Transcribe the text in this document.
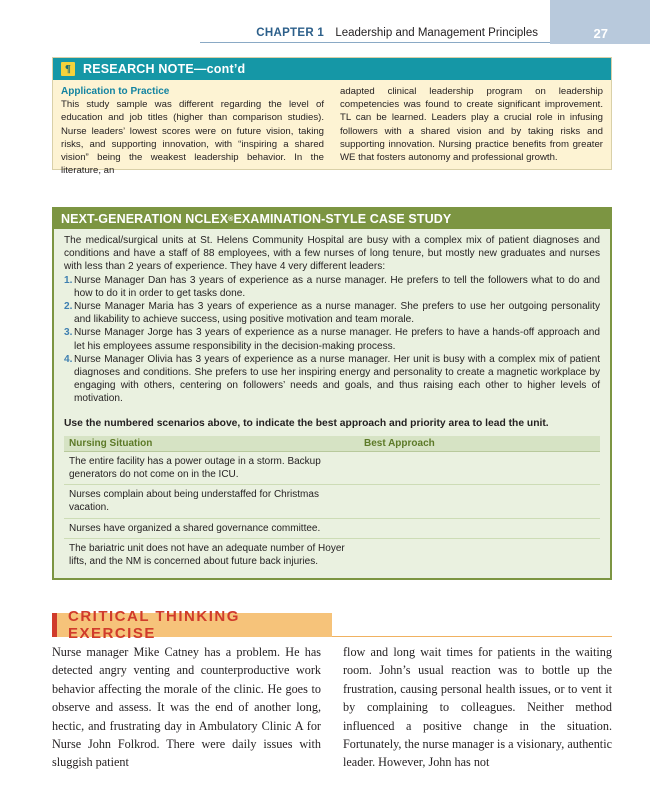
CHAPTER 1 Leadership and Management Principles	27
¶ RESEARCH NOTE—cont’d
Application to Practice
This study sample was different regarding the level of education and job titles (higher than comparison studies). Nurse leaders’ lowest scores were on future vision, taking risks, and supporting innovation, with “inspiring a shared vision” being the weakest leadership behavior. In the literature, an
adapted clinical leadership program on leadership competencies was found to create significant improvement. TL can be learned. Leaders play a crucial role in infusing followers with a shared vision and by taking risks and supporting innovation. Nursing practice benefits from greater WE that fosters autonomy and professional growth.
NEXT-GENERATION NCLEX ® EXAMINATION-STYLE CASE STUDY
The medical/surgical units at St. Helens Community Hospital are busy with a complex mix of patient diagnoses and conditions and have a staff of 88 employees, with a few nurses of long tenure, but mostly new graduates and nurses with less than 2 years of experience. They have 4 very different leaders:
1. Nurse Manager Dan has 3 years of experience as a nurse manager. He prefers to tell the followers what to do and how to do it in order to get tasks done.
2. Nurse Manager Maria has 3 years of experience as a nurse manager. She prefers to use her outgoing personality and likability to achieve success, using positive motivation and team morale.
3. Nurse Manager Jorge has 3 years of experience as a nurse manager. He prefers to have a hands-off approach and let his employees assume responsibility in the decision-making process.
4. Nurse Manager Olivia has 3 years of experience as a nurse manager. Her unit is busy with a complex mix of patient diagnoses and conditions. She prefers to use her inspiring energy and personality to create a magnetic workplace by engaging with others, centering on followers’ needs and goals, and thus raising each other to higher levels of motivation.
Use the numbered scenarios above, to indicate the best approach and priority area to lead the unit.
Nursing Situation	Best Approach
The entire facility has a power outage in a storm. Backup generators do not come on in the ICU.
Nurses complain about being understaffed for Christmas vacation.
Nurses have organized a shared governance committee.
The bariatric unit does not have an adequate number of Hoyer lifts, and the NM is concerned about future back injuries.
CRITICAL THINKING EXERCISE
Nurse manager Mike Catney has a problem. He has detected angry venting and counterproductive work behavior affecting the morale of the clinic. He goes to observe and assess. It was the end of another long, hectic, and frustrating day in Ambulatory Clinic A for Nurse John Folkrod. There were daily issues with sluggish patient
flow and long wait times for patients in the waiting room. John’s usual reaction was to bottle up the frustration, causing personal health issues, or to vent it by complaining to colleagues. Neither method influenced a positive change in the situation. Fortunately, the nurse manager is a visionary, authentic leader. However, John has not
